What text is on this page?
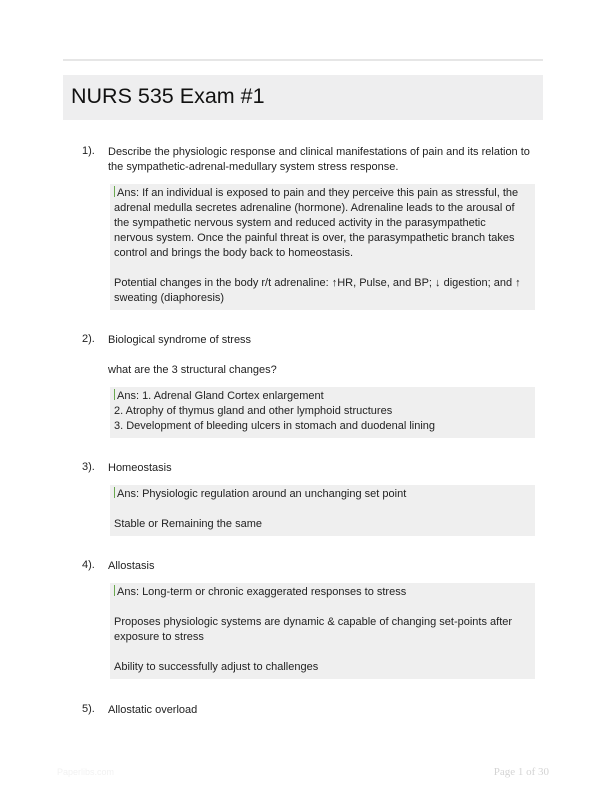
NURS 535 Exam #1
1). Describe the physiologic response and clinical manifestations of pain and its relation to the sympathetic-adrenal-medullary system stress response.

Ans: If an individual is exposed to pain and they perceive this pain as stressful, the adrenal medulla secretes adrenaline (hormone). Adrenaline leads to the arousal of the sympathetic nervous system and reduced activity in the parasympathetic nervous system. Once the painful threat is over, the parasympathetic branch takes control and brings the body back to homeostasis.

Potential changes in the body r/t adrenaline: ↑HR, Pulse, and BP; ↓ digestion; and ↑ sweating (diaphoresis)

2). Biological syndrome of stress
what are the 3 structural changes?

Ans: 1. Adrenal Gland Cortex enlargement

2. Atrophy of thymus gland and other lymphoid structures

3. Development of bleeding ulcers in stomach and duodenal lining

3). Homeostasis

Ans: Physiologic regulation around an unchanging set point

Stable or Remaining the same

4). Allostasis

Ans: Long-term or chronic exaggerated responses to stress

Proposes physiologic systems are dynamic & capable of changing set-points after exposure to stress

Ability to successfully adjust to challenges

5). Allostatic overload
Paperlibs.com	Page 1 of 30
